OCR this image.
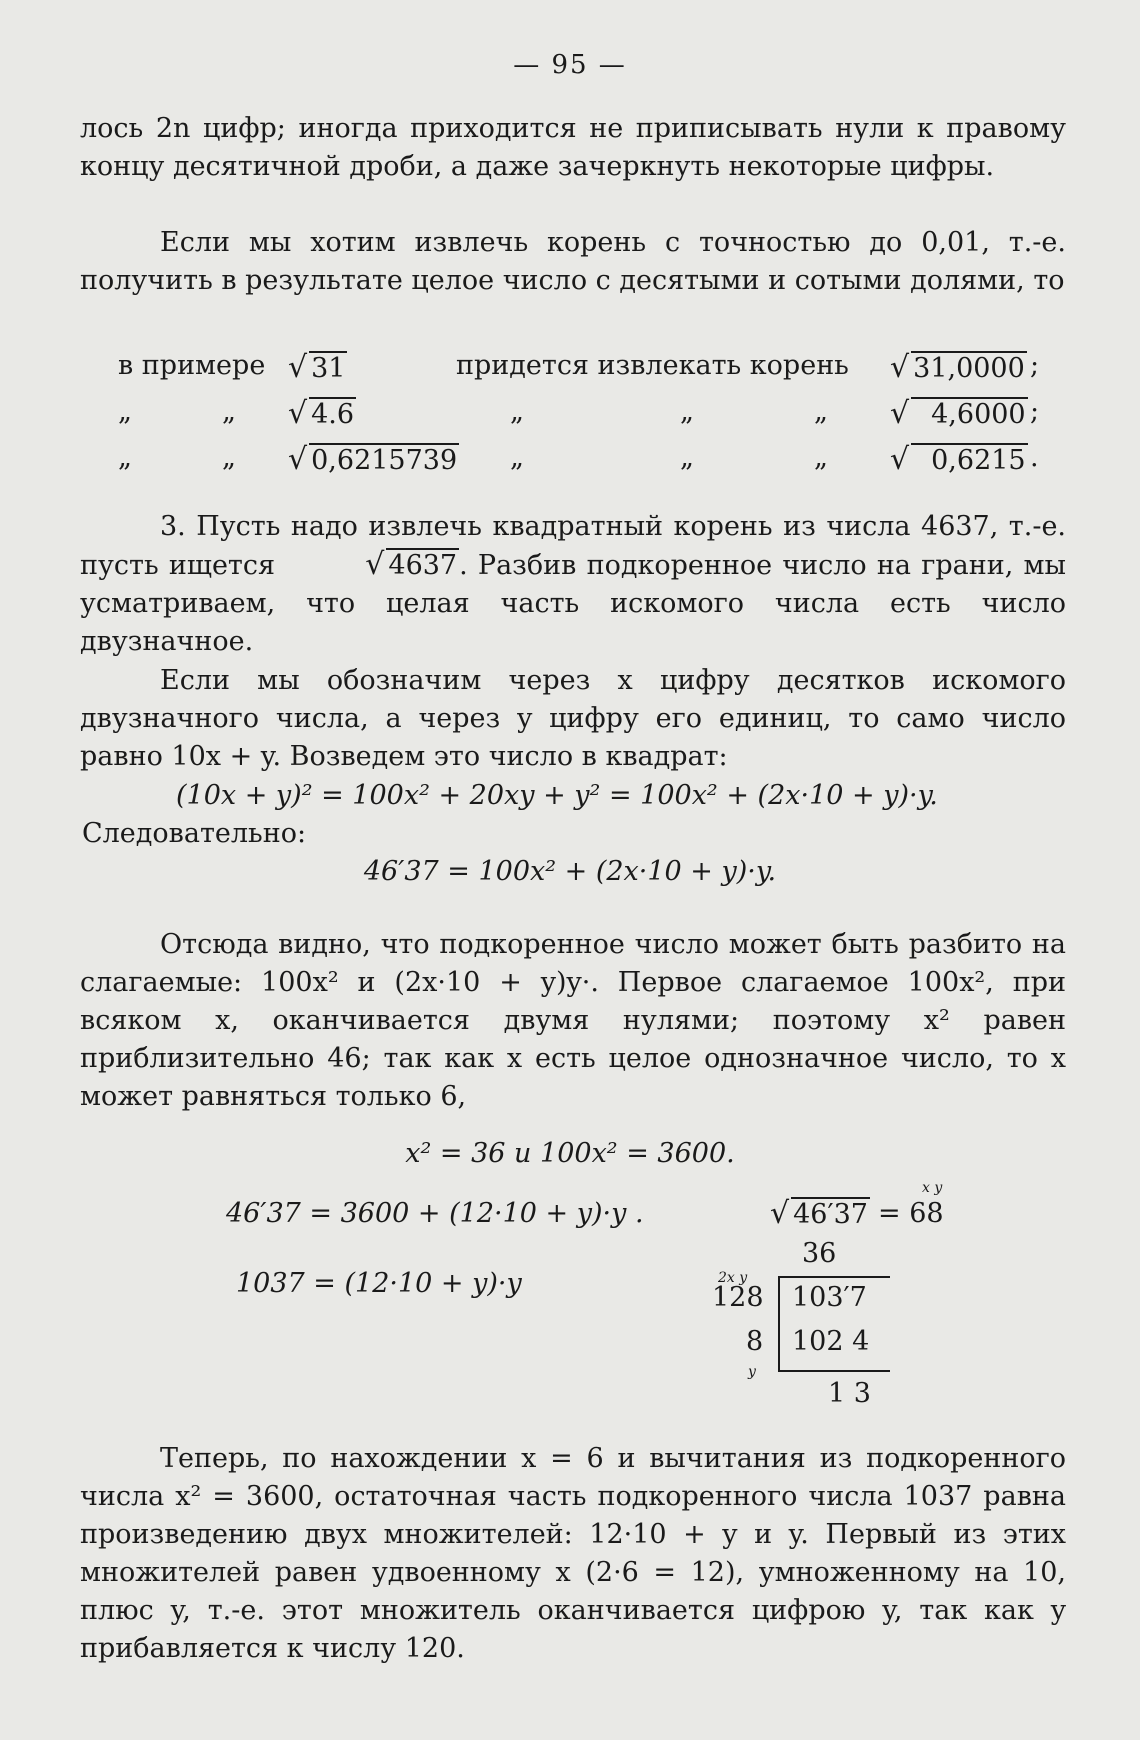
— 95 —

лось 2n цифр; иногда приходится не приписывать нули к правому концу десятичной дроби, а даже зачеркнуть некоторые цифры.

Если мы хотим извлечь корень с точностью до 0,01, т.-е. получить в результате целое число с десятыми и сотыми долями, то

в примере √ 31	придется извлекать корень √ 31,0000 ;
„	„ √ 4.6	„	„	„ √ 4,6000 ;
„	„ √ 0,6215739 „	„	„ √ 0,6215 .

3. Пусть надо извлечь квадратный корень из числа 4637, т.-е. пусть ищется	√ 4637. Разбив подкоренное число на грани, мы усматриваем, что целая часть искомого числа есть число двузначное.

Если мы обозначим через x цифру десятков искомого двузначного числа, а через y цифру его единиц, то само число равно 10x + y. Возведем это число в квадрат:

(10x + y)² = 100x² + 20xy + y² = 100x² + (2x·10 + y)·y.
Следовательно:
46′37 = 100x² + (2x·10 + y)·y.

Отсюда видно, что подкоренное число может быть разбито на слагаемые: 100x² и (2x·10 + y)y·. Первое слагаемое 100x², при всяком x, оканчивается двумя нулями; поэтому x² равен приблизительно 46; так как x есть целое однозначное число, то x может равняться только 6,

x² = 36 и 100x² = 3600.
46′37 = 3600 + (12·10 + y)·y .
1037 = (12·10 + y)·y
x y
√ 46′37 = 68
36
2x y
128 103′7
8 102 4
y
1 3

Теперь, по нахождении x = 6 и вычитания из подкоренного числа x² = 3600, остаточная часть подкоренного числа 1037 равна произведению двух множителей: 12·10 + y и y. Первый из этих множителей равен удвоенному x (2·6 = 12), умноженному на 10, плюс y, т.-е. этот множитель оканчивается цифрою y, так как y прибавляется к числу 120.
